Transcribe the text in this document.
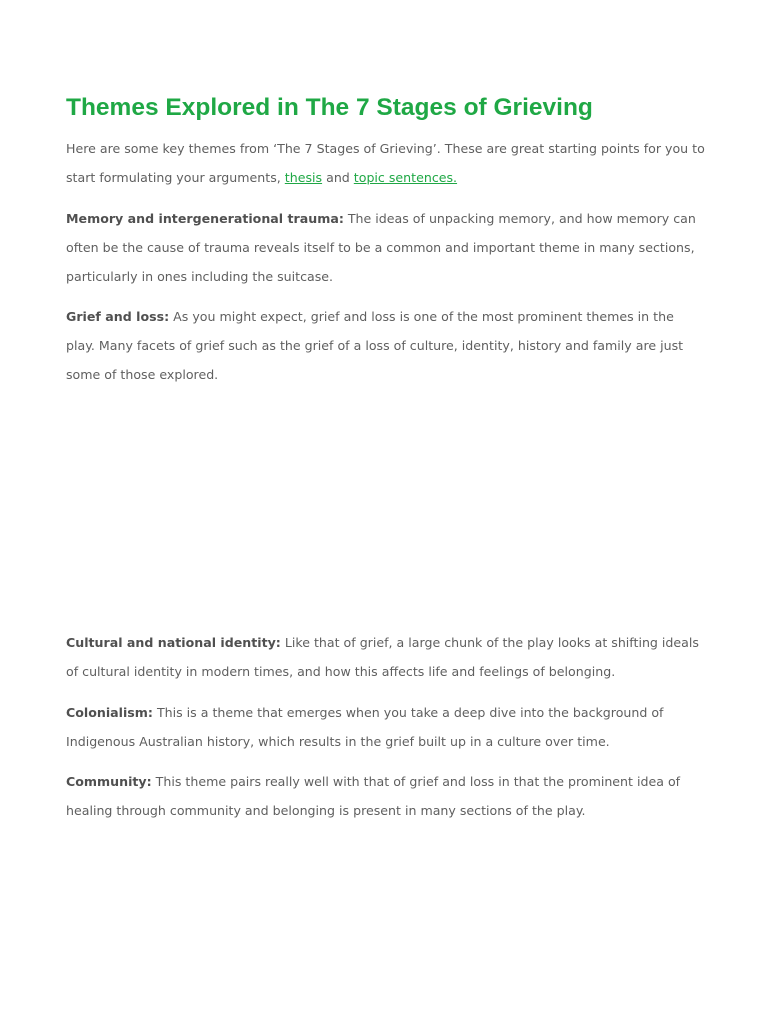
Themes Explored in The 7 Stages of Grieving

Here are some key themes from ‘The 7 Stages of Grieving’. These are great starting points for you to start formulating your arguments, thesis and topic sentences.

Memory and intergenerational trauma: The ideas of unpacking memory, and how memory can often be the cause of trauma reveals itself to be a common and important theme in many sections, particularly in ones including the suitcase.

Grief and loss: As you might expect, grief and loss is one of the most prominent themes in the play. Many facets of grief such as the grief of a loss of culture, identity, history and family are just some of those explored.

Cultural and national identity: Like that of grief, a large chunk of the play looks at shifting ideals of cultural identity in modern times, and how this affects life and feelings of belonging.

Colonialism: This is a theme that emerges when you take a deep dive into the background of Indigenous Australian history, which results in the grief built up in a culture over time.

Community: This theme pairs really well with that of grief and loss in that the prominent idea of healing through community and belonging is present in many sections of the play.
